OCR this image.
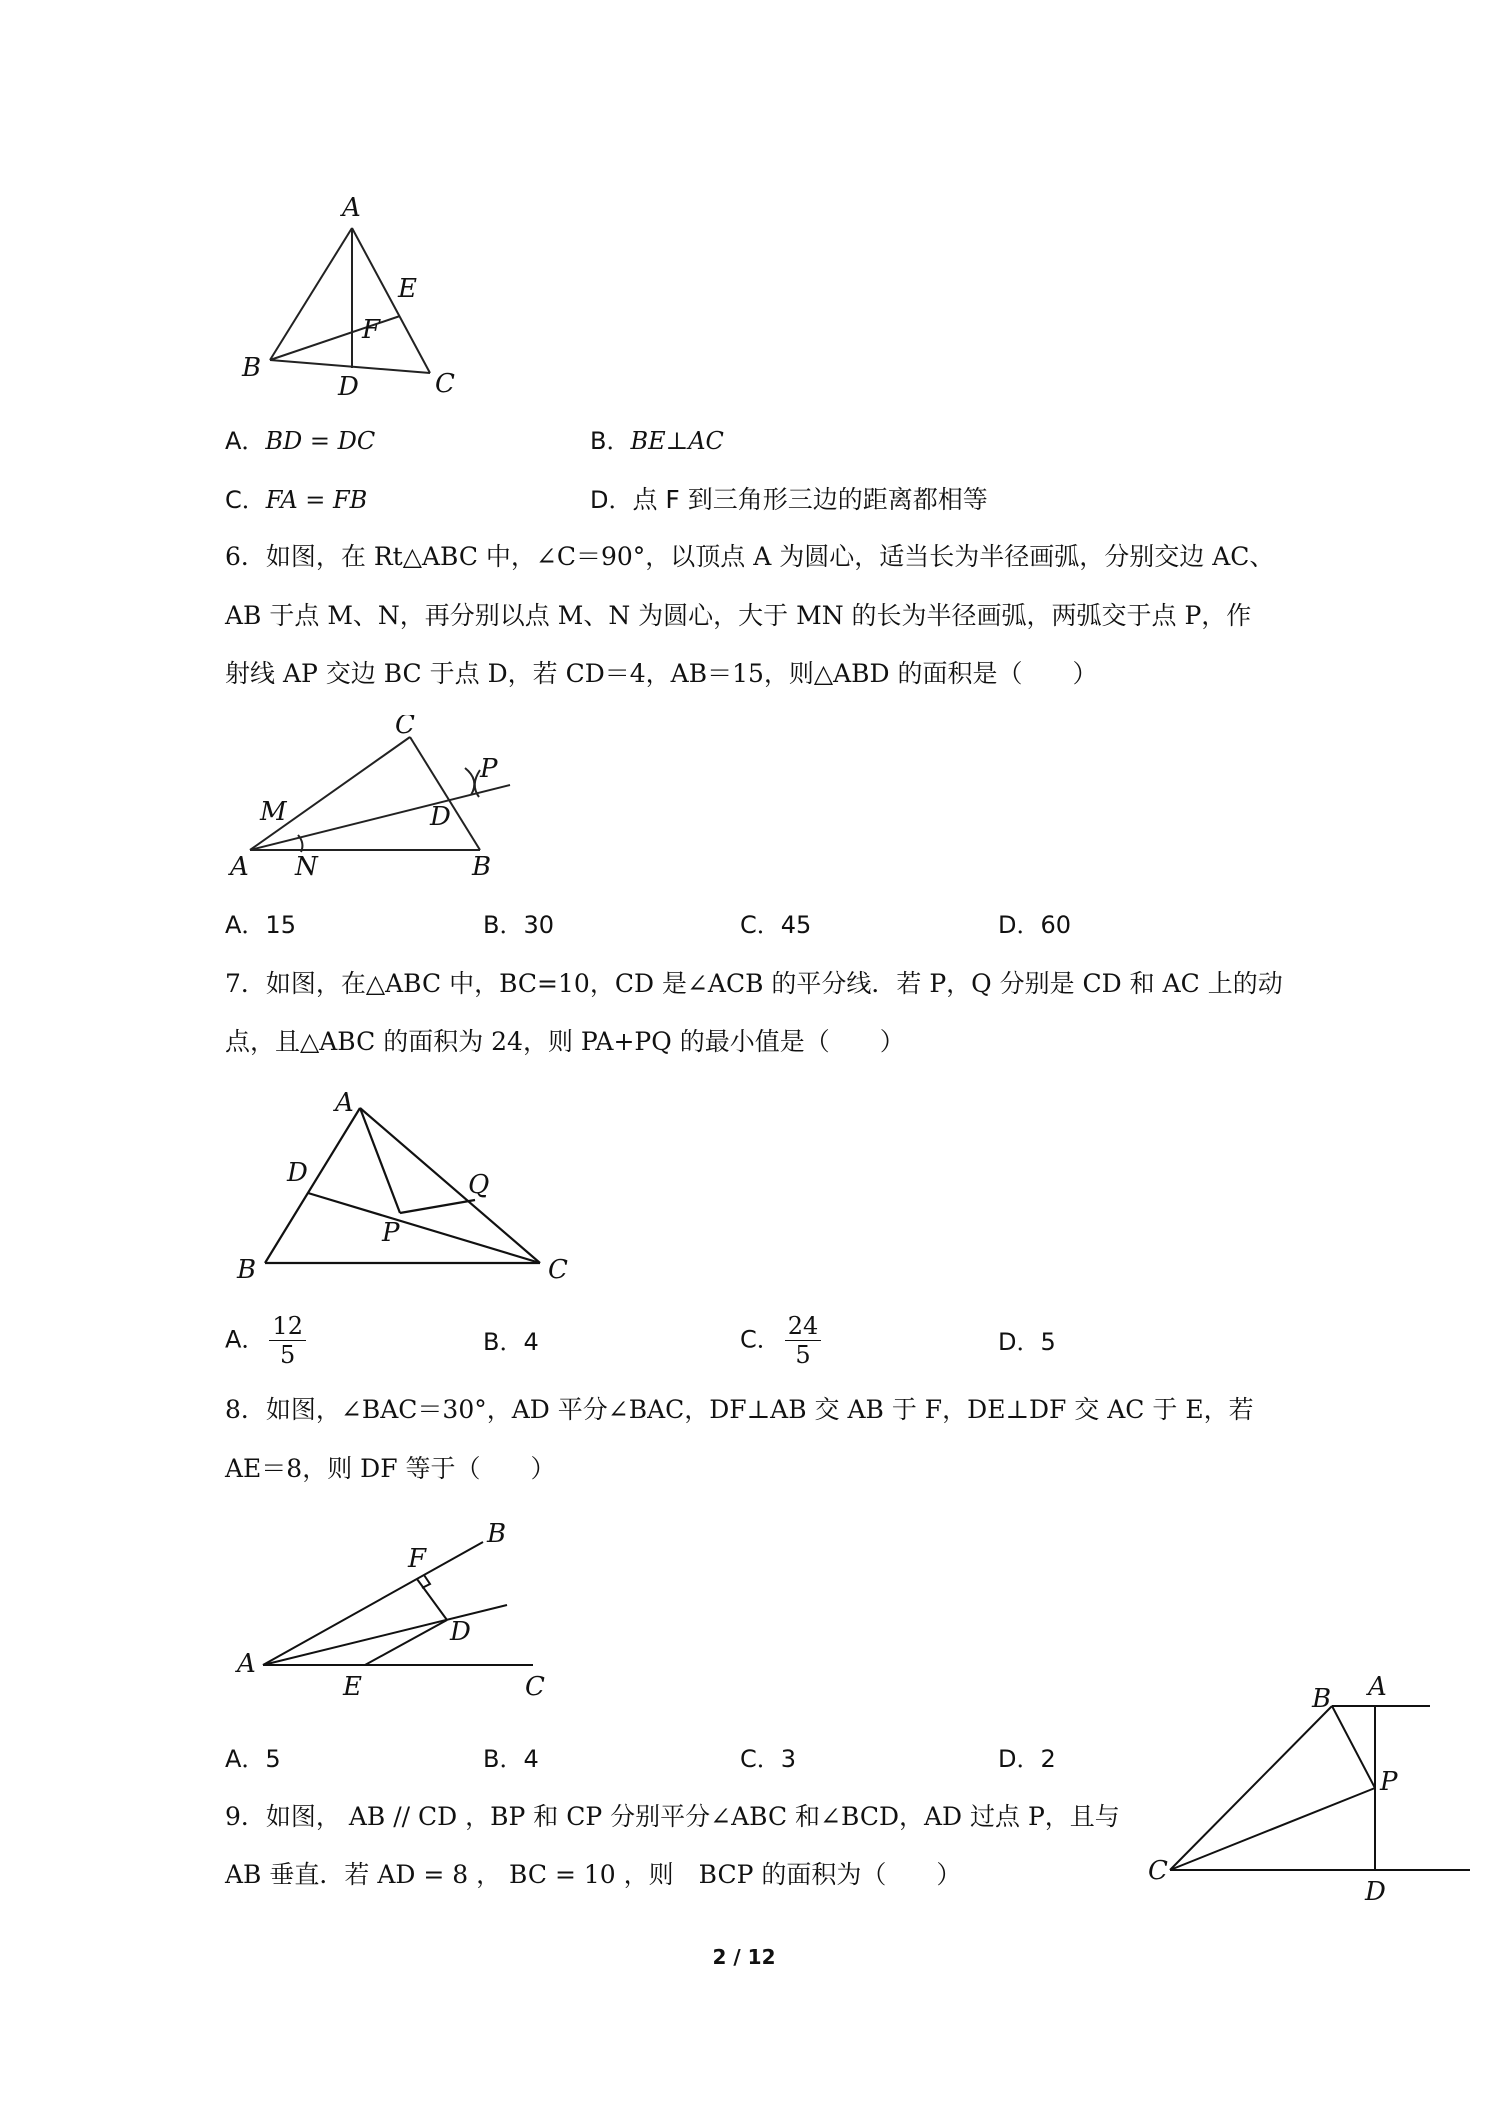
A
B
C
D
E
F
A．BD = DC	B．BE⊥AC
C．FA = FB	D．点 F 到三角形三边的距离都相等
6．如图，在 Rt△ABC 中，∠C＝90°，以顶点 A 为圆心，适当长为半径画弧，分别交边 AC、
AB 于点 M、N，再分别以点 M、N 为圆心，大于 MN 的长为半径画弧，两弧交于点 P，作
射线 AP 交边 BC 于点 D，若 CD＝4，AB＝15，则△ABD 的面积是（　　）
A	B
C
D
M
N
P
A．15	B．30	C．45	D．60
7．如图，在△ABC 中，BC=10，CD 是∠ACB 的平分线．若 P，Q 分别是 CD 和 AC 上的动
点，且△ABC 的面积为 24，则 PA+PQ 的最小值是（　　）
A
B	C
D
P
Q
A． $\frac{12}{5}$	B．4	C． $\frac{24}{5}$	D．5
8．如图，∠BAC＝30°，AD 平分∠BAC，DF⊥AB 交 AB 于 F，DE⊥DF 交 AC 于 E，若
AE＝8，则 DF 等于（　　）
A
B
C
D
E
F
A．5	B．4	C．3	D．2
9．如图， AB // CD ，BP 和 CP 分别平分∠ABC 和∠BCD，AD 过点 P，且与
AB 垂直．若 AD = 8 ， BC = 10 ，则　BCP 的面积为（　　）
A
B
C
D
P
2 / 12
